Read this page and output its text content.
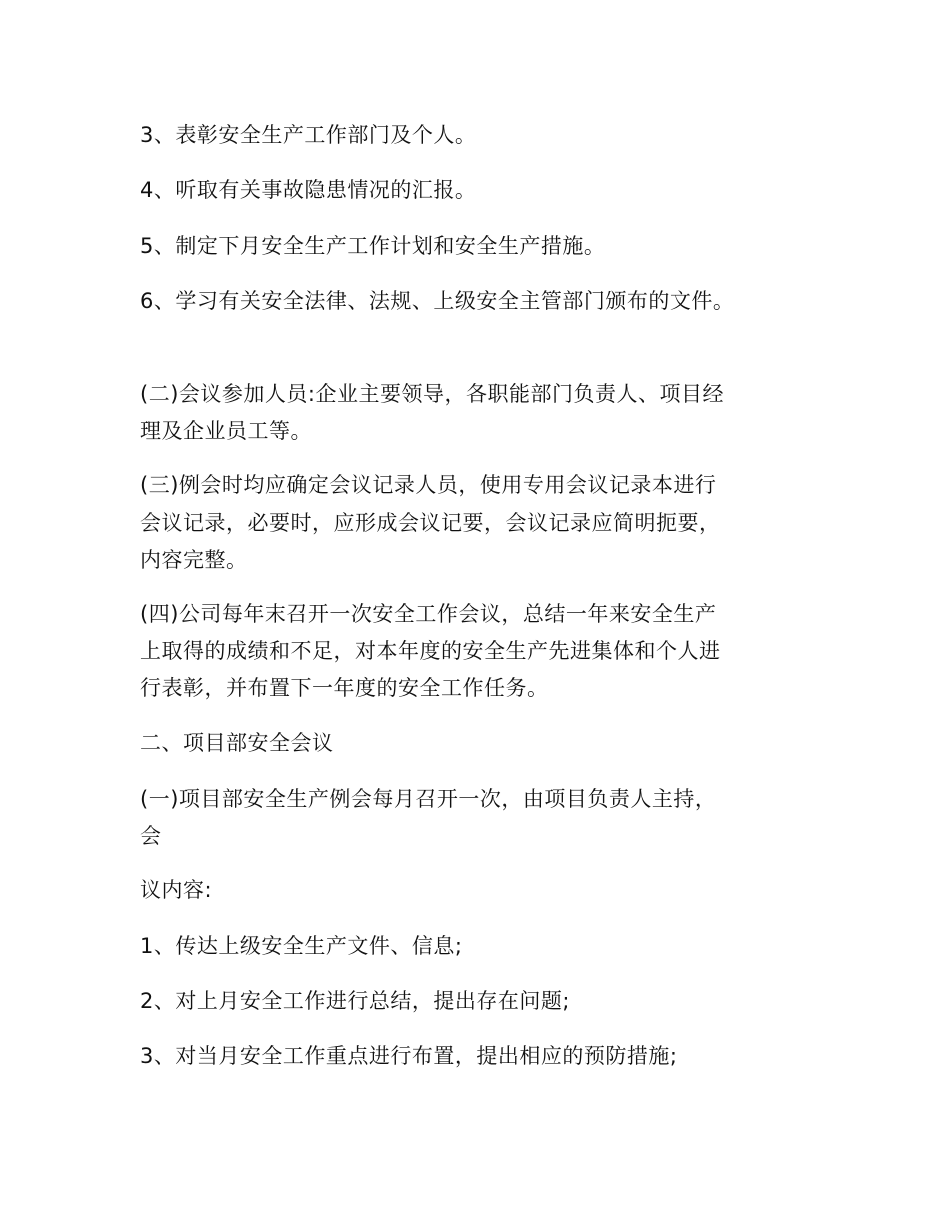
3、表彰安全生产工作部门及个人。
4、听取有关事故隐患情况的汇报。
5、制定下月安全生产工作计划和安全生产措施。
6、学习有关安全法律、法规、上级安全主管部门颁布的文件。
(二)会议参加人员:企业主要领导，各职能部门负责人、项目经
理及企业员工等。
(三)例会时均应确定会议记录人员，使用专用会议记录本进行
会议记录，必要时，应形成会议记要，会议记录应简明扼要，
内容完整。
(四)公司每年末召开一次安全工作会议，总结一年来安全生产
上取得的成绩和不足，对本年度的安全生产先进集体和个人进
行表彰，并布置下一年度的安全工作任务。
二、项目部安全会议
(一)项目部安全生产例会每月召开一次，由项目负责人主持，
会
议内容:
1、传达上级安全生产文件、信息;
2、对上月安全工作进行总结，提出存在问题;
3、对当月安全工作重点进行布置，提出相应的预防措施;
